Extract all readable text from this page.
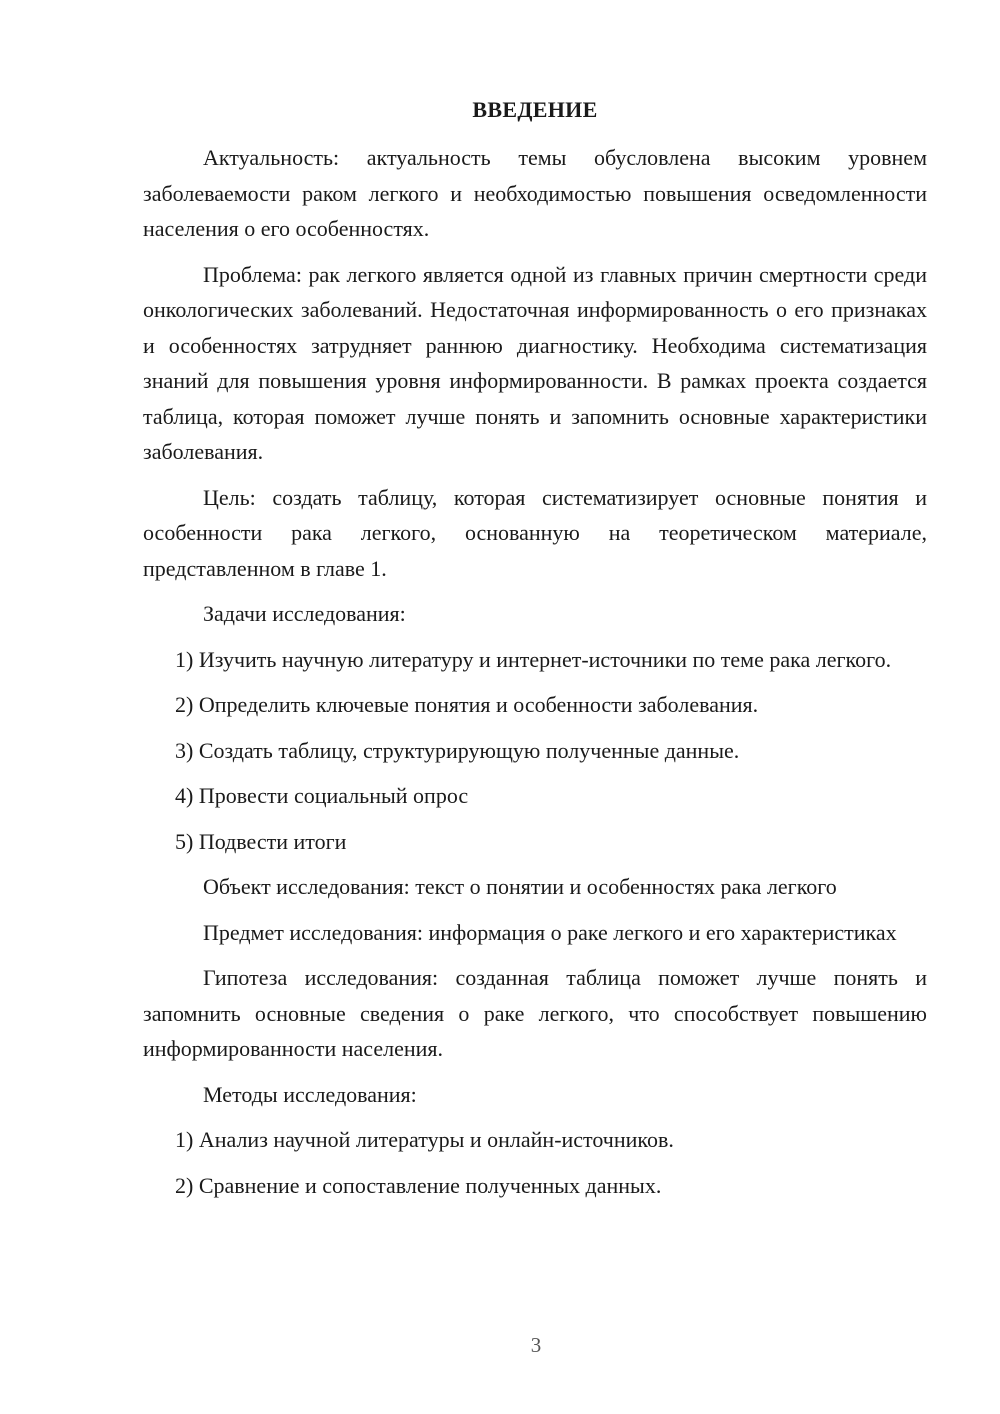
ВВЕДЕНИЕ

Актуальность: актуальность темы обусловлена высоким уровнем заболеваемости раком легкого и необходимостью повышения осведомленности населения о его особенностях.

Проблема: рак легкого является одной из главных причин смертности среди онкологических заболеваний. Недостаточная информированность о его признаках и особенностях затрудняет раннюю диагностику. Необходима систематизация знаний для повышения уровня информированности. В рамках проекта создается таблица, которая поможет лучше понять и запомнить основные характеристики заболевания.

Цель: создать таблицу, которая систематизирует основные понятия и особенности рака легкого, основанную на теоретическом материале, представленном в главе 1.

Задачи исследования:

1) Изучить научную литературу и интернет-источники по теме рака легкого.

2) Определить ключевые понятия и особенности заболевания.

3) Создать таблицу, структурирующую полученные данные.

4) Провести социальный опрос

5) Подвести итоги

Объект исследования: текст о понятии и особенностях рака легкого

Предмет исследования: информация о раке легкого и его характеристиках

Гипотеза исследования: созданная таблица поможет лучше понять и запомнить основные сведения о раке легкого, что способствует повышению информированности населения.

Методы исследования:

1) Анализ научной литературы и онлайн-источников.

2) Сравнение и сопоставление полученных данных.

3
